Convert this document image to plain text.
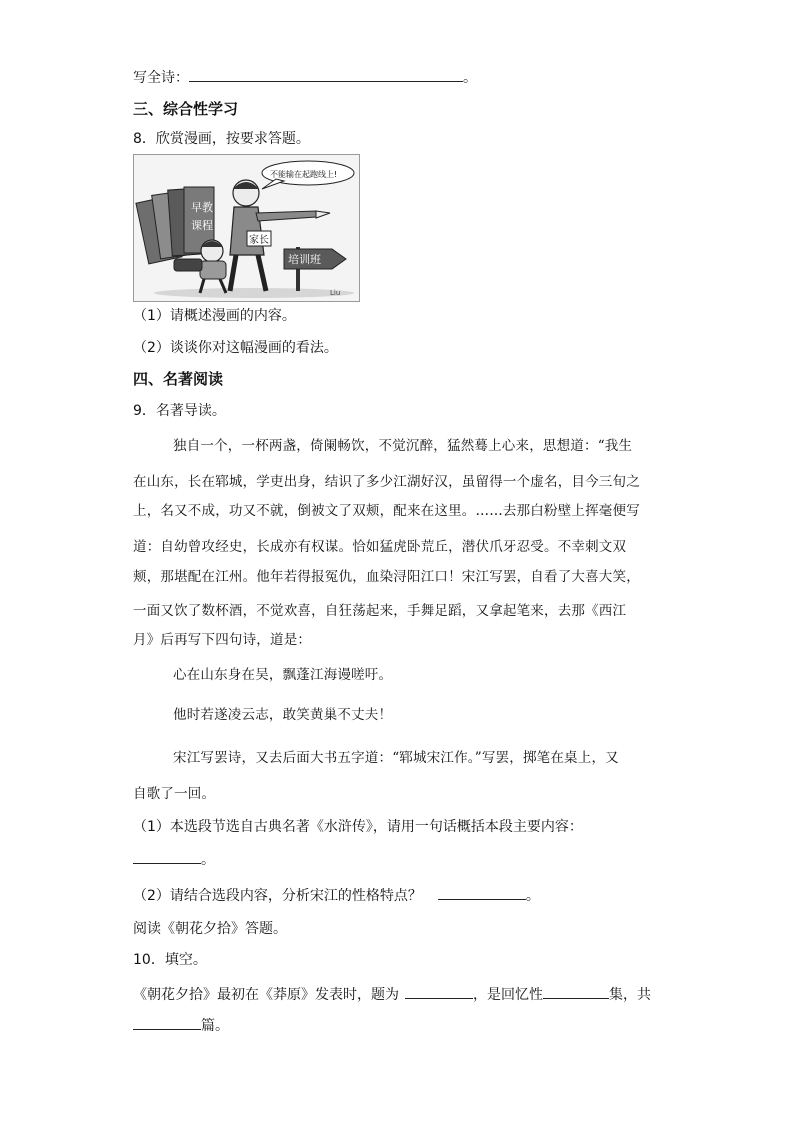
写全诗：	。
三、综合性学习
8．欣赏漫画，按要求答题。
早教
课程
家长
培训班
不能输在起跑线上!
Liu
（1）请概述漫画的内容。
（2）谈谈你对这幅漫画的看法。
四、名著阅读
9．名著导读。
独自一个，一杯两盏，倚阑畅饮，不觉沉醉，猛然蓦上心来，思想道：“我生
在山东，长在郓城，学吏出身，结识了多少江湖好汉，虽留得一个虚名，目今三旬之
上，名又不成，功又不就，倒被文了双颊，配来在这里。……去那白粉壁上挥毫便写
道：自幼曾攻经史，长成亦有权谋。恰如猛虎卧荒丘，潜伏爪牙忍受。不幸刺文双
颊，那堪配在江州。他年若得报冤仇，血染浔阳江口！宋江写罢，自看了大喜大笑，
一面又饮了数杯酒，不觉欢喜，自狂荡起来，手舞足蹈，又拿起笔来，去那《西江
月》后再写下四句诗，道是：
心在山东身在吴，飘蓬江海谩嗟吁。
他时若遂凌云志，敢笑黄巢不丈夫！
宋江写罢诗，又去后面大书五字道：“郓城宋江作。”写罢，掷笔在桌上，又
自歌了一回。
（1）本选段节选自古典名著《水浒传》，请用一句话概括本段主要内容：
。
（2）请结合选段内容，分析宋江的性格特点？	。
阅读《朝花夕拾》答题。
10．填空。
《朝花夕拾》最初在《莽原》发表时，题为	，是回忆性	集，共
篇。
